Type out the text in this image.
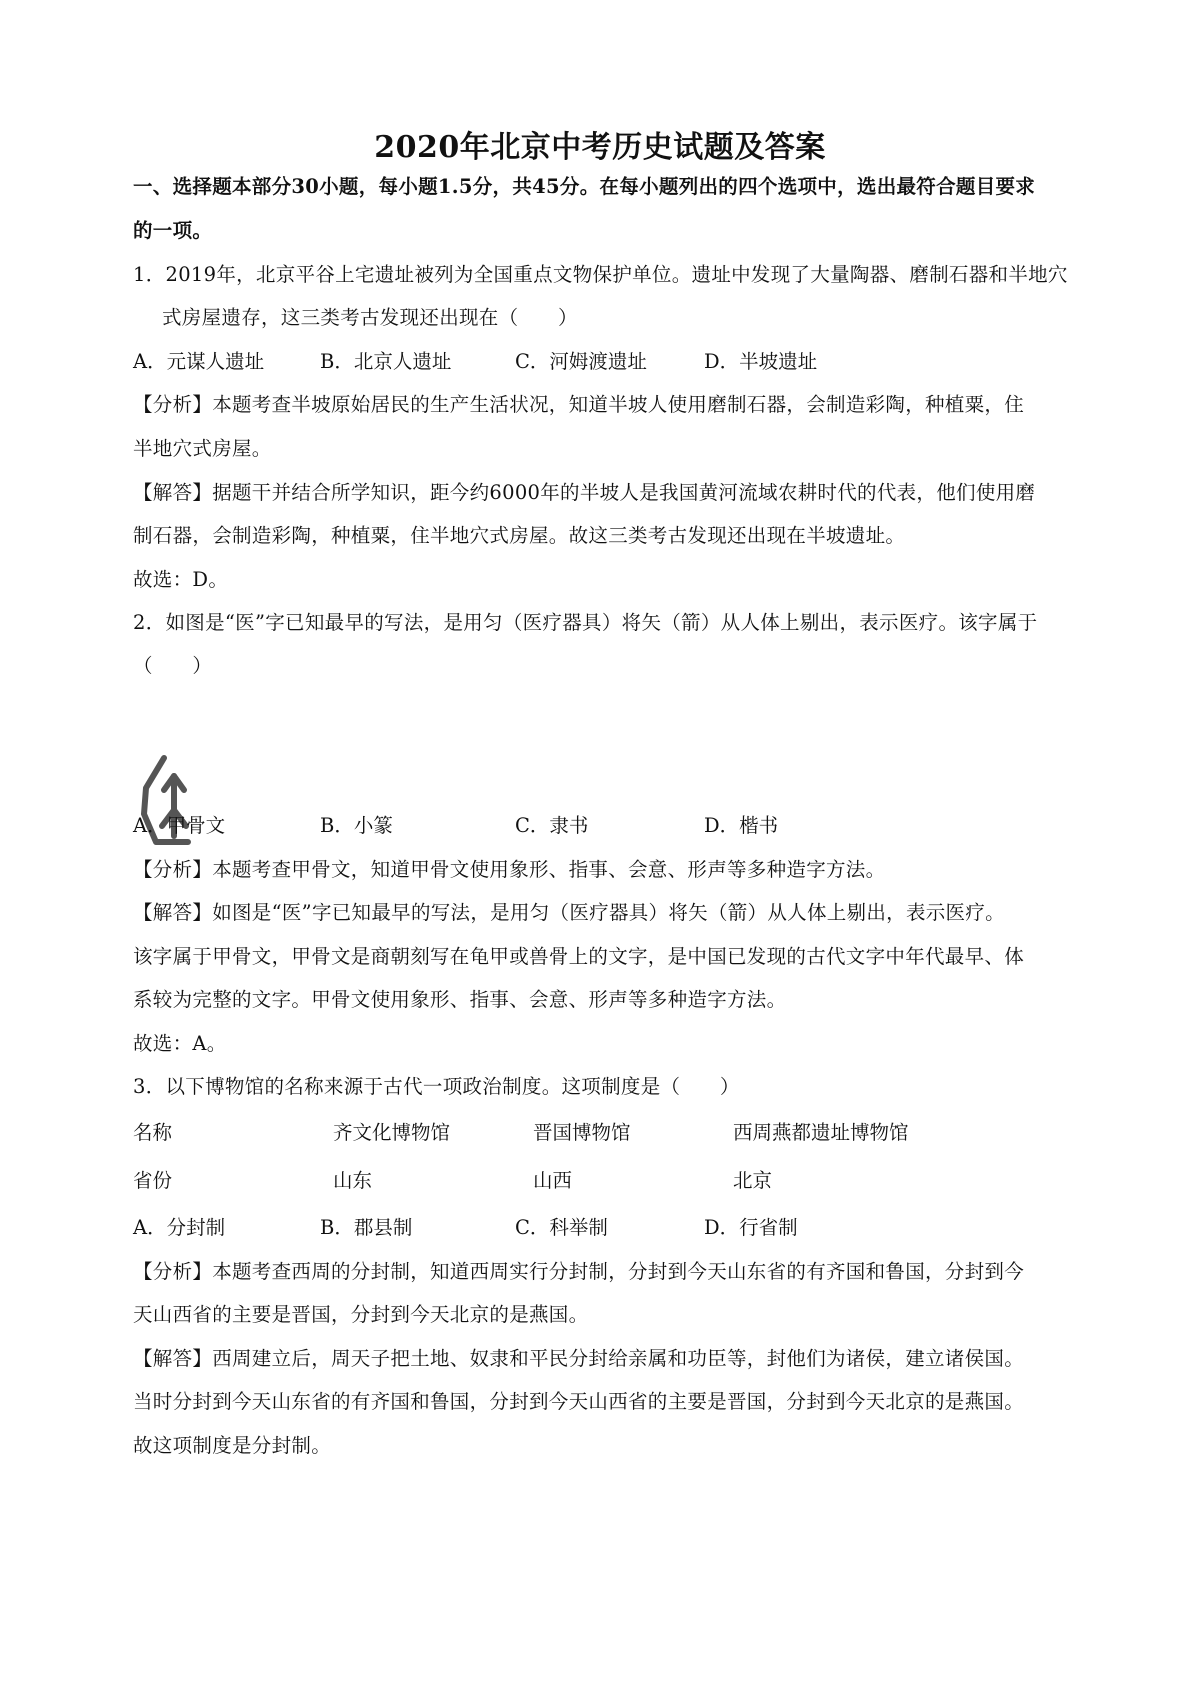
2020年北京中考历史试题及答案
一、选择题本部分30小题，每小题1.5分，共45分。在每小题列出的四个选项中，选出最符合题目要求
的一项。
1．2019年，北京平谷上宅遗址被列为全国重点文物保护单位。遗址中发现了大量陶器、磨制石器和半地穴
式房屋遗存，这三类考古发现还出现在（　　）
A．元谋人遗址	B．北京人遗址	C．河姆渡遗址	D．半坡遗址
【分析】本题考查半坡原始居民的生产生活状况，知道半坡人使用磨制石器，会制造彩陶，种植粟，住
半地穴式房屋。
【解答】据题干并结合所学知识，距今约6000年的半坡人是我国黄河流域农耕时代的代表，他们使用磨
制石器，会制造彩陶，种植粟，住半地穴式房屋。故这三类考古发现还出现在半坡遗址。
故选：D。
2．如图是“医”字已知最早的写法，是用匀（医疗器具）将矢（箭）从人体上剔出，表示医疗。该字属于
（　　）
A．甲骨文	B．小篆	C．隶书	D．楷书
【分析】本题考查甲骨文，知道甲骨文使用象形、指事、会意、形声等多种造字方法。
【解答】如图是“医”字已知最早的写法，是用匀（医疗器具）将矢（箭）从人体上剔出，表示医疗。
该字属于甲骨文，甲骨文是商朝刻写在龟甲或兽骨上的文字，是中国已发现的古代文字中年代最早、体
系较为完整的文字。甲骨文使用象形、指事、会意、形声等多种造字方法。
故选：A。
3．以下博物馆的名称来源于古代一项政治制度。这项制度是（　　）
名称	齐文化博物馆	晋国博物馆	西周燕都遗址博物馆
省份	山东	山西	北京
A．分封制	B．郡县制	C．科举制	D．行省制
【分析】本题考查西周的分封制，知道西周实行分封制，分封到今天山东省的有齐国和鲁国，分封到今
天山西省的主要是晋国，分封到今天北京的是燕国。
【解答】西周建立后，周天子把土地、奴隶和平民分封给亲属和功臣等，封他们为诸侯，建立诸侯国。
当时分封到今天山东省的有齐国和鲁国，分封到今天山西省的主要是晋国，分封到今天北京的是燕国。
故这项制度是分封制。
